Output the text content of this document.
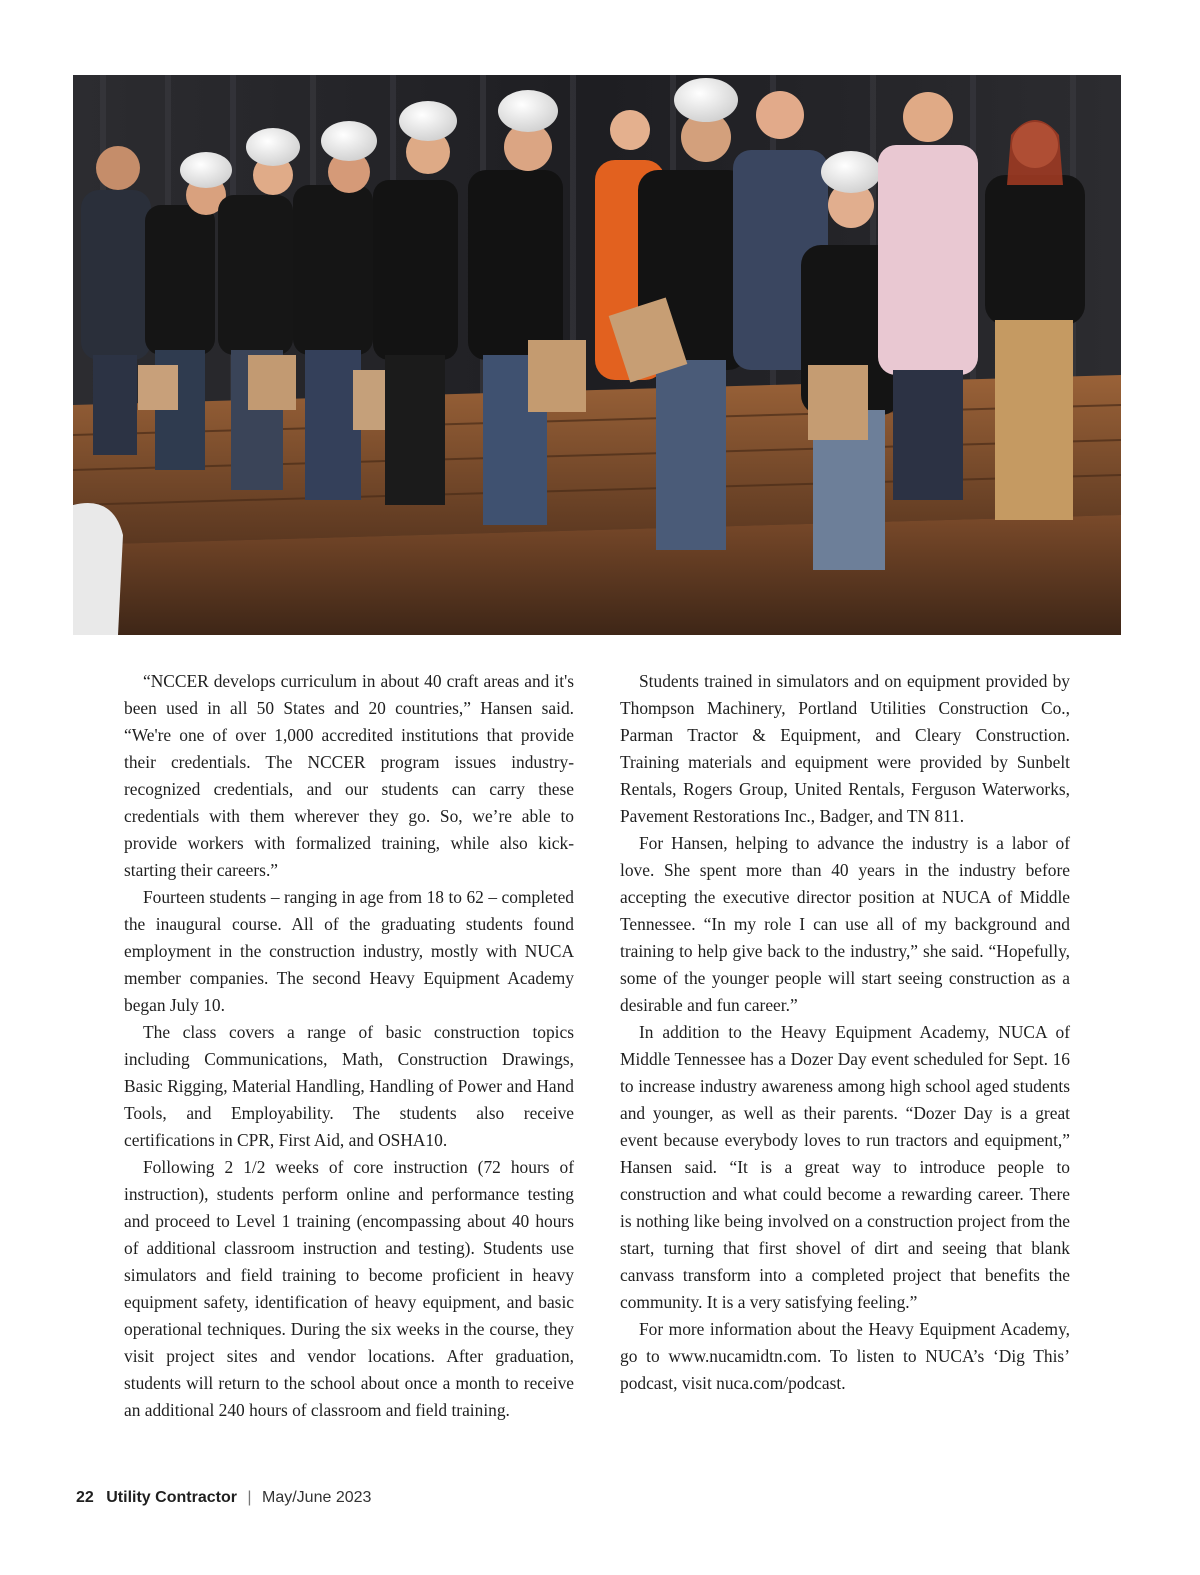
“NCCER develops curriculum in about 40 craft areas and it's been used in all 50 States and 20 countries,” Hansen said. “We're one of over 1,000 accredited institutions that provide their credentials. The NCCER program issues industry-recognized credentials, and our students can carry these credentials with them wherever they go. So, we’re able to provide workers with formalized training, while also kick-starting their careers.”

Fourteen students – ranging in age from 18 to 62 – completed the inaugural course. All of the graduating students found employment in the construction industry, mostly with NUCA member companies. The second Heavy Equipment Academy began July 10.

The class covers a range of basic construction topics including Communications, Math, Construction Drawings, Basic Rigging, Material Handling, Handling of Power and Hand Tools, and Employability. The students also receive certifications in CPR, First Aid, and OSHA10.

Following 2 1/2 weeks of core instruction (72 hours of instruction), students perform online and performance testing and proceed to Level 1 training (encompassing about 40 hours of additional classroom instruction and testing). Students use simulators and field training to become proficient in heavy equipment safety, identification of heavy equipment, and basic operational techniques. During the six weeks in the course, they visit project sites and vendor locations. After graduation, students will return to the school about once a month to receive an additional 240 hours of classroom and field training.

Students trained in simulators and on equipment provided by Thompson Machinery, Portland Utilities Construction Co., Parman Tractor & Equipment, and Cleary Construction. Training materials and equipment were provided by Sunbelt Rentals, Rogers Group, United Rentals, Ferguson Waterworks, Pavement Restorations Inc., Badger, and TN 811.

For Hansen, helping to advance the industry is a labor of love. She spent more than 40 years in the industry before accepting the executive director position at NUCA of Middle Tennessee. “In my role I can use all of my background and training to help give back to the industry,” she said. “Hopefully, some of the younger people will start seeing construction as a desirable and fun career.”

In addition to the Heavy Equipment Academy, NUCA of Middle Tennessee has a Dozer Day event scheduled for Sept. 16 to increase industry awareness among high school aged students and younger, as well as their parents. “Dozer Day is a great event because everybody loves to run tractors and equipment,” Hansen said. “It is a great way to introduce people to construction and what could become a rewarding career. There is nothing like being involved on a construction project from the start, turning that first shovel of dirt and seeing that blank canvass transform into a completed project that benefits the community. It is a very satisfying feeling.”

For more information about the Heavy Equipment Academy, go to www.nucamidtn.com. To listen to NUCA’s ‘Dig This’ podcast, visit nuca.com/podcast.

22 Utility Contractor | May/June 2023
